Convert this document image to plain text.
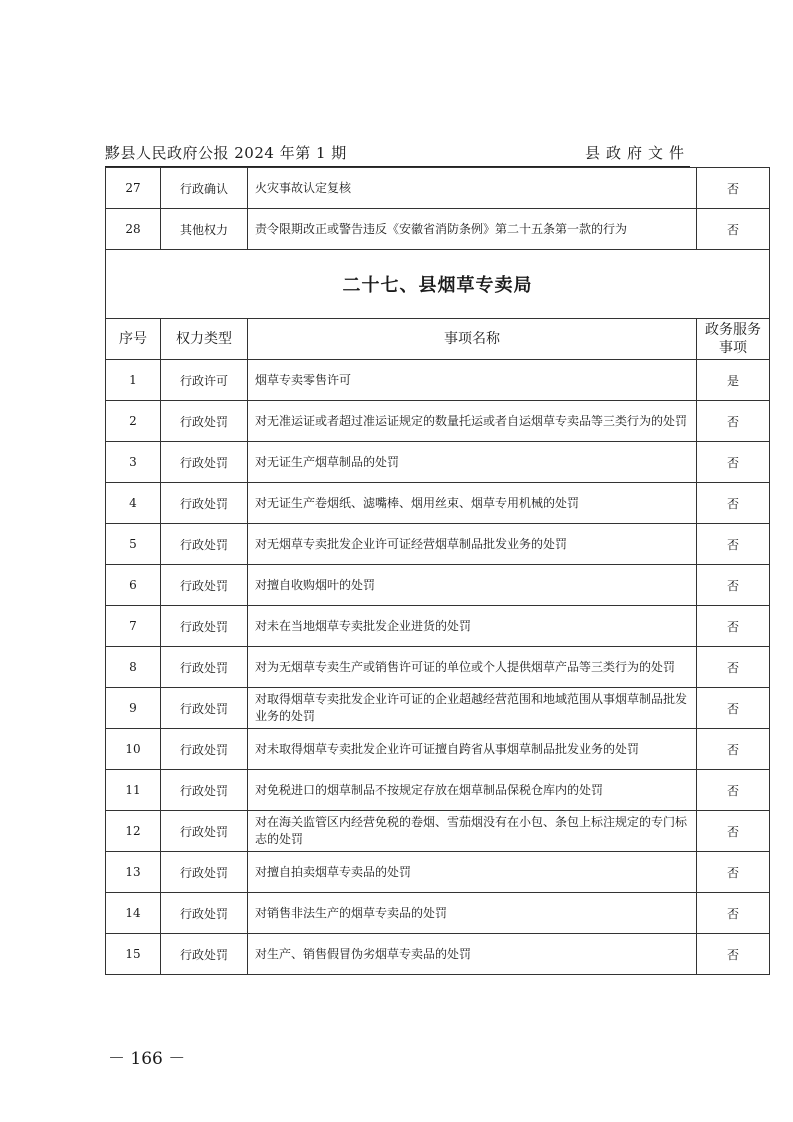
黟县人民政府公报 2024 年第 1 期	县政府文件
27	行政确认	火灾事故认定复核	否
28	其他权力	责令限期改正或警告违反《安徽省消防条例》第二十五条第一款的行为	否
二十七、县烟草专卖局			
序号	权力类型	事项名称	政务服务事项
1	行政许可	烟草专卖零售许可	是
2	行政处罚	对无准运证或者超过准运证规定的数量托运或者自运烟草专卖品等三类行为的处罚	否
3	行政处罚	对无证生产烟草制品的处罚	否
4	行政处罚	对无证生产卷烟纸、滤嘴棒、烟用丝束、烟草专用机械的处罚	否
5	行政处罚	对无烟草专卖批发企业许可证经营烟草制品批发业务的处罚	否
6	行政处罚	对擅自收购烟叶的处罚	否
7	行政处罚	对未在当地烟草专卖批发企业进货的处罚	否
8	行政处罚	对为无烟草专卖生产或销售许可证的单位或个人提供烟草产品等三类行为的处罚	否
9	行政处罚	对取得烟草专卖批发企业许可证的企业超越经营范围和地域范围从事烟草制品批发业务的处罚	否
10	行政处罚	对未取得烟草专卖批发企业许可证擅自跨省从事烟草制品批发业务的处罚	否
11	行政处罚	对免税进口的烟草制品不按规定存放在烟草制品保税仓库内的处罚	否
12	行政处罚	对在海关监管区内经营免税的卷烟、雪茄烟没有在小包、条包上标注规定的专门标志的处罚	否
13	行政处罚	对擅自拍卖烟草专卖品的处罚	否
14	行政处罚	对销售非法生产的烟草专卖品的处罚	否
15	行政处罚	对生产、销售假冒伪劣烟草专卖品的处罚	否
－ 166 －
